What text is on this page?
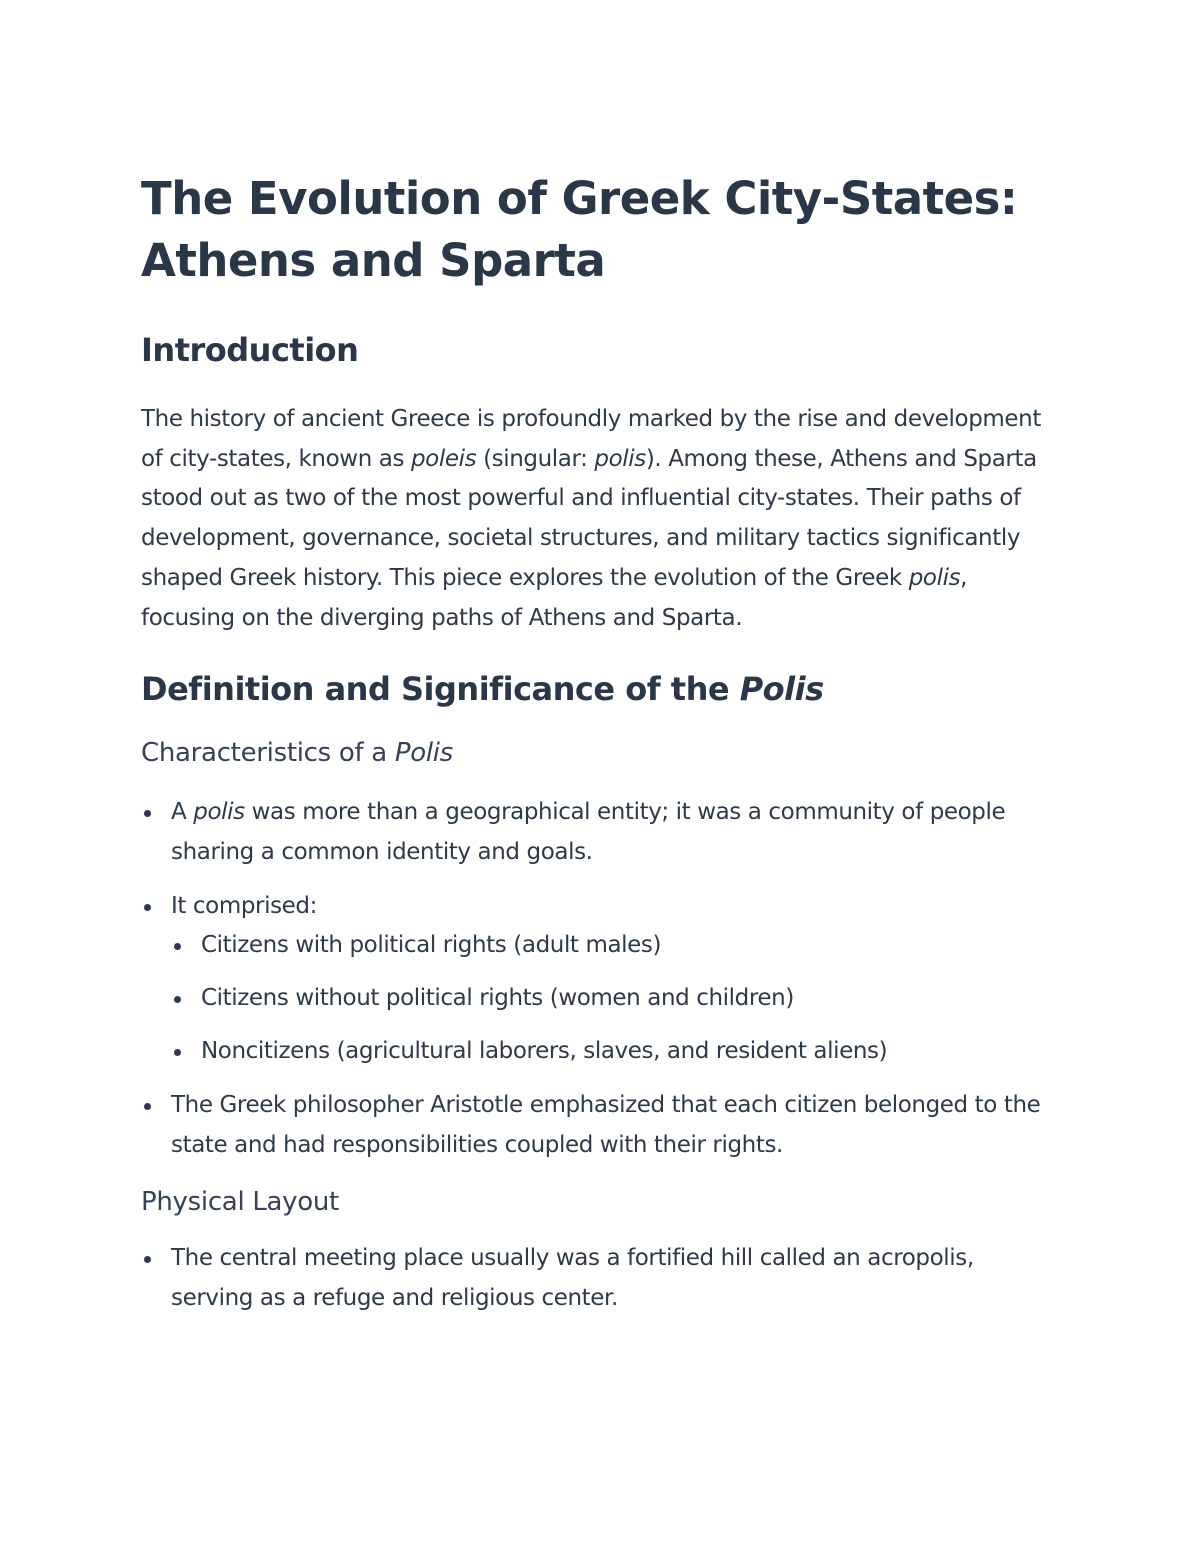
The Evolution of Greek City-States: Athens and Sparta
Introduction

The history of ancient Greece is profoundly marked by the rise and development of city-states, known as poleis (singular: polis). Among these, Athens and Sparta stood out as two of the most powerful and influential city-states. Their paths of development, governance, societal structures, and military tactics significantly shaped Greek history. This piece explores the evolution of the Greek polis, focusing on the diverging paths of Athens and Sparta.

Definition and Significance of the Polis
Characteristics of a Polis
A polis was more than a geographical entity; it was a community of people sharing a common identity and goals.
It comprised:
Citizens with political rights (adult males)
Citizens without political rights (women and children)
Noncitizens (agricultural laborers, slaves, and resident aliens)
The Greek philosopher Aristotle emphasized that each citizen belonged to the state and had responsibilities coupled with their rights.
Physical Layout
The central meeting place usually was a fortified hill called an acropolis, serving as a refuge and religious center.
